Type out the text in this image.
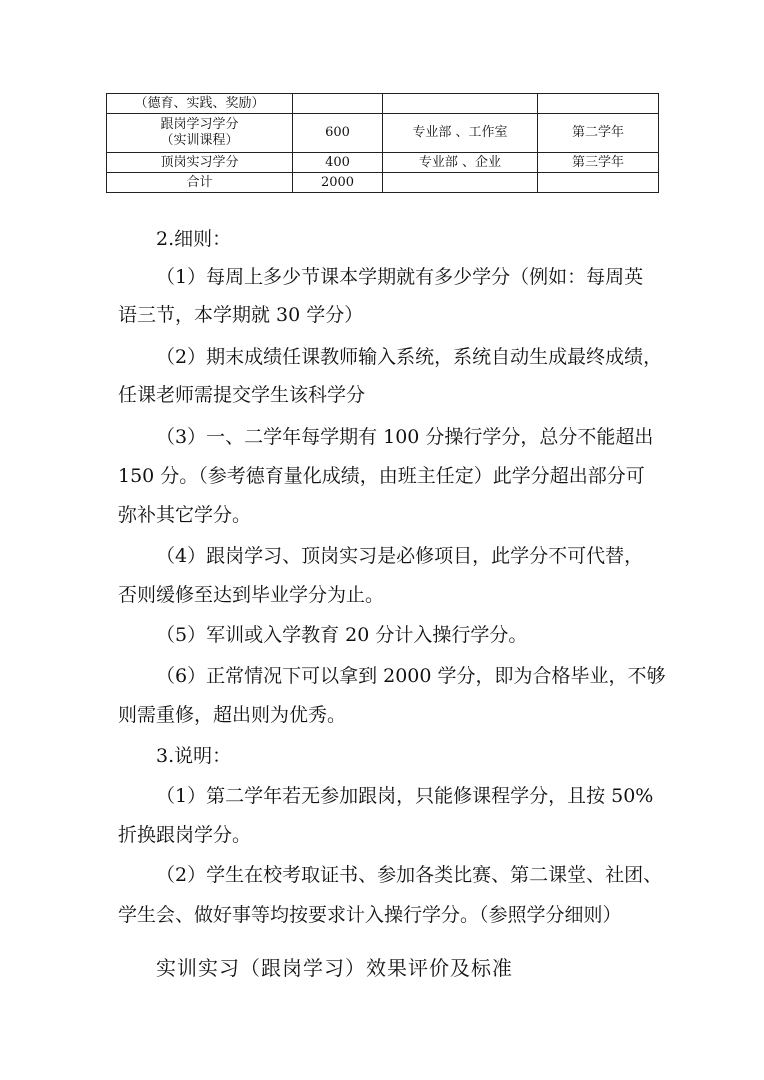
（德育、实践、奖励）			

跟岗学习学分
（实训课程）	600	专业部 、工作室	第二学年
顶岗实习学分	400	专业部 、企业	第三学年
合计	2000		
2.细则：
（1）每周上多少节课本学期就有多少学分（例如：每周英
语三节，本学期就 30 学分）
（2）期末成绩任课教师输入系统，系统自动生成最终成绩，
任课老师需提交学生该科学分
（3）一、二学年每学期有 100 分操行学分，总分不能超出
150 分。（参考德育量化成绩，由班主任定）此学分超出部分可
弥补其它学分。
（4）跟岗学习、顶岗实习是必修项目，此学分不可代替，
否则缓修至达到毕业学分为止。
（5）军训或入学教育 20 分计入操行学分。
（6）正常情况下可以拿到 2000 学分，即为合格毕业，不够
则需重修，超出则为优秀。
3.说明：
（1）第二学年若无参加跟岗，只能修课程学分，且按 50%
折换跟岗学分。
（2）学生在校考取证书、参加各类比赛、第二课堂、社团、
学生会、做好事等均按要求计入操行学分。（参照学分细则）
实训实习（跟岗学习）效果评价及标准
